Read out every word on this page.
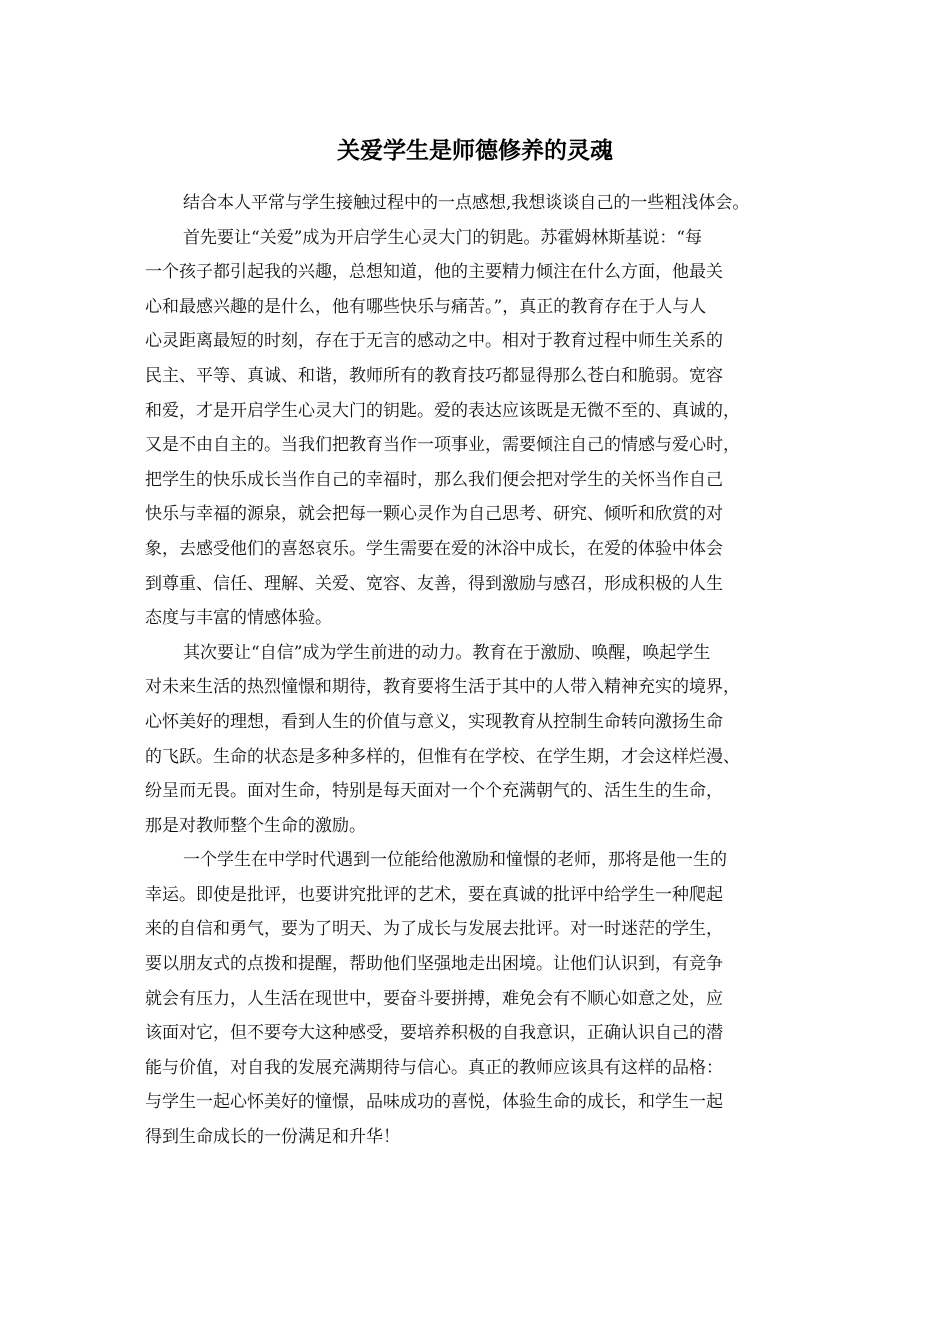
关爱学生是师德修养的灵魂
结合本人平常与学生接触过程中的一点感想,我想谈谈自己的一些粗浅体会。
首先要让“关爱”成为开启学生心灵大门的钥匙。苏霍姆林斯基说：“每
一个孩子都引起我的兴趣，总想知道，他的主要精力倾注在什么方面，他最关
心和最感兴趣的是什么，他有哪些快乐与痛苦。”，真正的教育存在于人与人
心灵距离最短的时刻，存在于无言的感动之中。相对于教育过程中师生关系的
民主、平等、真诚、和谐，教师所有的教育技巧都显得那么苍白和脆弱。宽容
和爱，才是开启学生心灵大门的钥匙。爱的表达应该既是无微不至的、真诚的，
又是不由自主的。当我们把教育当作一项事业，需要倾注自己的情感与爱心时，
把学生的快乐成长当作自己的幸福时，那么我们便会把对学生的关怀当作自己
快乐与幸福的源泉，就会把每一颗心灵作为自己思考、研究、倾听和欣赏的对
象，去感受他们的喜怒哀乐。学生需要在爱的沐浴中成长，在爱的体验中体会
到尊重、信任、理解、关爱、宽容、友善，得到激励与感召，形成积极的人生
态度与丰富的情感体验。
其次要让“自信”成为学生前进的动力。教育在于激励、唤醒，唤起学生
对未来生活的热烈憧憬和期待，教育要将生活于其中的人带入精神充实的境界，
心怀美好的理想，看到人生的价值与意义，实现教育从控制生命转向激扬生命
的飞跃。生命的状态是多种多样的，但惟有在学校、在学生期，才会这样烂漫、
纷呈而无畏。面对生命，特别是每天面对一个个充满朝气的、活生生的生命，
那是对教师整个生命的激励。
一个学生在中学时代遇到一位能给他激励和憧憬的老师，那将是他一生的
幸运。即使是批评，也要讲究批评的艺术，要在真诚的批评中给学生一种爬起
来的自信和勇气，要为了明天、为了成长与发展去批评。对一时迷茫的学生，
要以朋友式的点拨和提醒，帮助他们坚强地走出困境。让他们认识到，有竞争
就会有压力，人生活在现世中，要奋斗要拼搏，难免会有不顺心如意之处，应
该面对它，但不要夸大这种感受，要培养积极的自我意识，正确认识自己的潜
能与价值，对自我的发展充满期待与信心。真正的教师应该具有这样的品格：
与学生一起心怀美好的憧憬，品味成功的喜悦，体验生命的成长，和学生一起
得到生命成长的一份满足和升华！
